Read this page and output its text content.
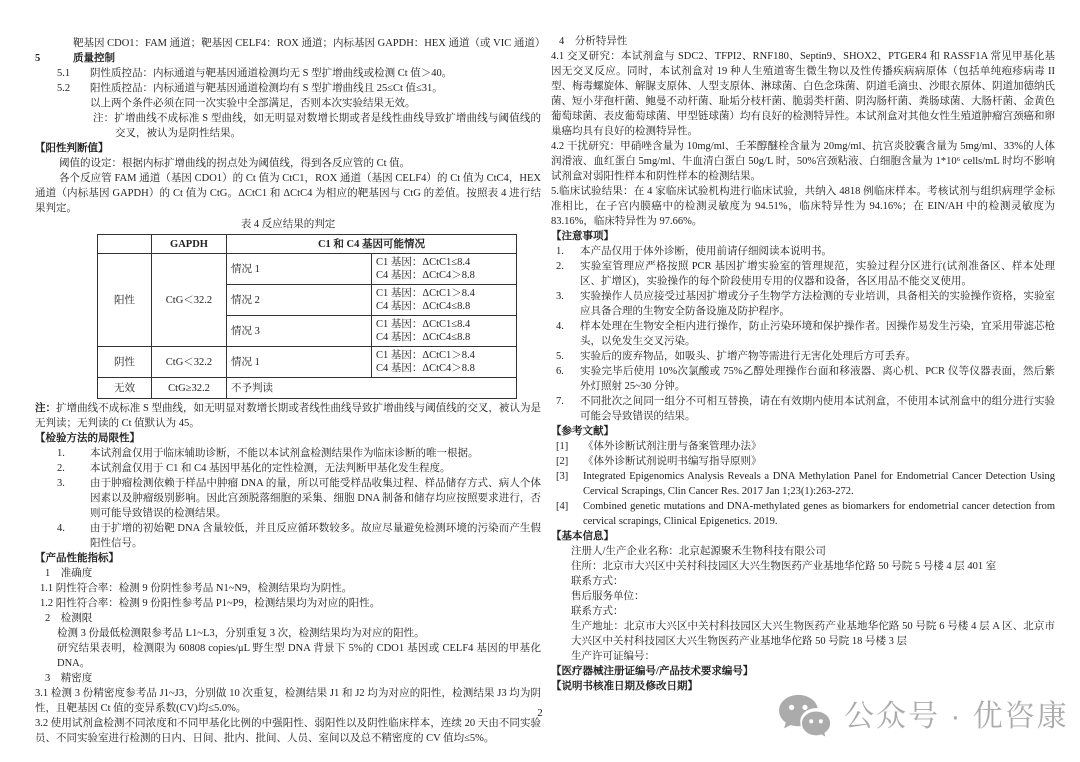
靶基因 CDO1：FAM 通道；靶基因 CELF4：ROX 通道；内标基因 GAPDH：HEX 通道（或 VIC 通道）
5	质量控制
5.1	阴性质控品：内标通道与靶基因通道检测均无 S 型扩增曲线或检测 Ct 值＞40。
5.2	阳性质控品：内标通道与靶基因通道检测均有 S 型扩增曲线且 25≤Ct 值≤31。
以上两个条件必须在同一次实验中全部满足，否则本次实验结果无效。
注：扩增曲线不成标准 S 型曲线，如无明显对数增长期或者是线性曲线导致扩增曲线与阈值线的交叉，被认为是阴性结果。
【阳性判断值】
阈值的设定：根据内标扩增曲线的拐点处为阈值线，得到各反应管的 Ct 值。
各个反应管 FAM 通道（基因 CDO1）的 Ct 值为 CtC1，ROX 通道（基因 CELF4）的 Ct 值为 CtC4，HEX 通道（内标基因 GAPDH）的 Ct 值为 CtG。ΔCtC1 和 ΔCtC4 为相应的靶基因与 CtG 的差值。按照表 4 进行结果判定。
表 4 反应结果的判定
	GAPDH	C1 和 C4 基因可能情况	
阳性	CtG＜32.2	情况 1	C1 基因：ΔCtC1≤8.4
C4 基因：ΔCtC4＞8.8

		情况 2	C1 基因：ΔCtC1＞8.4
C4 基因：ΔCtC4≤8.8

		情况 3	C1 基因：ΔCtC1≤8.4
C4 基因：ΔCtC4≤8.8

阴性	CtG＜32.2	情况 1	C1 基因：ΔCtC1＞8.4
C4 基因：ΔCtC4＞8.8

无效	CtG≥32.2	不予判读	
注：扩增曲线不成标准 S 型曲线，如无明显对数增长期或者线性曲线导致扩增曲线与阈值线的交叉，被认为是无判读；无判读的 Ct 值默认为 45。
【检验方法的局限性】
1.	本试剂盒仅用于临床辅助诊断，不能以本试剂盒检测结果作为临床诊断的唯一根据。
2.	本试剂盒仅用于 C1 和 C4 基因甲基化的定性检测，无法判断甲基化发生程度。
3.	由于肿瘤检测依赖于样品中肿瘤 DNA 的量，所以可能受样品收集过程、样品储存方式、病人个体因素以及肿瘤级别影响。因此宫颈脱落细胞的采集、细胞 DNA 制备和储存均应按照要求进行，否则可能导致错误的检测结果。
4.	由于扩增的初始靶 DNA 含量较低，并且反应循环数较多。故应尽量避免检测环境的污染而产生假阳性信号。
【产品性能指标】
1　准确度
1.1 阴性符合率：检测 9 份阴性参考品 N1~N9，检测结果均为阴性。
1.2 阳性符合率：检测 9 份阳性参考品 P1~P9，检测结果均为对应的阳性。
2　检测限
检测 3 份最低检测限参考品 L1~L3，分别重复 3 次，检测结果均为对应的阳性。
研究结果表明，检测限为 60808 copies/μL 野生型 DNA 背景下 5%的 CDO1 基因或 CELF4 基因的甲基化 DNA。
3　精密度
3.1 检测 3 份精密度参考品 J1~J3，分别做 10 次重复，检测结果 J1 和 J2 均为对应的阳性，检测结果 J3 均为阴性，且靶基因 Ct 值的变异系数(CV)均≤5.0%。
3.2 使用试剂盒检测不同浓度和不同甲基化比例的中强阳性、弱阳性以及阴性临床样本，连续 20 天由不同实验员、不同实验室进行检测的日内、日间、批内、批间、人员、室间以及总不精密度的 CV 值均≤5%。
4　分析特异性
4.1 交叉研究：本试剂盒与 SDC2、TFPI2、RNF180、Septin9、SHOX2、PTGER4 和 RASSF1A 常见甲基化基因无交叉反应。同时，本试剂盒对 19 种人生殖道寄生微生物以及性传播疾病病原体（包括单纯疱疹病毒 II 型、梅毒螺旋体、解脲支原体、人型支原体、淋球菌、白色念珠菌、阴道毛滴虫、沙眼衣原体、阴道加德纳氏菌、短小芽孢杆菌、鲍曼不动杆菌、耻垢分枝杆菌、脆弱类杆菌、阴沟肠杆菌、粪肠球菌、大肠杆菌、金黄色葡萄球菌、表皮葡萄球菌、甲型链球菌）均有良好的检测特异性。本试剂盒对其他女性生殖道肿瘤宫颈癌和卵巢癌均具有良好的检测特异性。
4.2 干扰研究：甲硝唑含量为 10mg/ml、壬苯醇醚栓含量为 20mg/ml、抗宫炎胶囊含量为 5mg/ml、33%的人体润滑液、血红蛋白 5mg/ml、牛血清白蛋白 50g/L 时，50%宫颈粘液、白细胞含量为 1*10⁶ cells/mL 时均不影响试剂盒对弱阳性样本和阴性样本的检测结果。
5.临床试验结果：在 4 家临床试验机构进行临床试验，共纳入 4818 例临床样本。考核试剂与组织病理学金标准相比，在子宫内膜癌中的检测灵敏度为 94.51%，临床特异性为 94.16%；在 EIN/AH 中的检测灵敏度为 83.16%，临床特异性为 97.66%。
【注意事项】
1.	本产品仅用于体外诊断，使用前请仔细阅读本说明书。
2.	实验室管理应严格按照 PCR 基因扩增实验室的管理规范，实验过程分区进行(试剂准备区、样本处理区、扩增区)，实验操作的每个阶段使用专用的仪器和设备，各区用品不能交叉使用。
3.	实验操作人员应接受过基因扩增或分子生物学方法检测的专业培训，具备相关的实验操作资格，实验室应具备合理的生物安全防备设施及防护程序。
4.	样本处理在生物安全柜内进行操作，防止污染环境和保护操作者。因操作易发生污染，宜采用带滤芯枪头，以免发生交叉污染。
5.	实验后的废弃物品，如吸头、扩增产物等需进行无害化处理后方可丢弃。
6.	实验完毕后使用 10%次氯酸或 75%乙醇处理操作台面和移液器、离心机、PCR 仪等仪器表面，然后紫外灯照射 25~30 分钟。
7.	不同批次之间同一组分不可相互替换，请在有效期内使用本试剂盒，不使用本试剂盒中的组分进行实验可能会导致错误的结果。
【参考文献】
[1]	《体外诊断试剂注册与备案管理办法》
[2]	《体外诊断试剂说明书编写指导原则》
[3]	Integrated Epigenomics Analysis Reveals a DNA Methylation Panel for Endometrial Cancer Detection Using Cervical Scrapings, Clin Cancer Res. 2017 Jan 1;23(1):263-272.
[4]	Combined genetic mutations and DNA-methylated genes as biomarkers for endometrial cancer detection from cervical scrapings, Clinical Epigenetics. 2019.
【基本信息】
注册人/生产企业名称：北京起源聚禾生物科技有限公司
住所：北京市大兴区中关村科技园区大兴生物医药产业基地华佗路 50 号院 5 号楼 4 层 401 室
联系方式：
售后服务单位：
联系方式：
生产地址：北京市大兴区中关村科技园区大兴生物医药产业基地华佗路 50 号院 6 号楼 4 层 A 区、北京市大兴区中关村科技园区大兴生物医药产业基地华佗路 50 号院 18 号楼 3 层
生产许可证编号：
【医疗器械注册证编号/产品技术要求编号】
【说明书核准日期及修改日期】
2	公众号 · 优咨康
